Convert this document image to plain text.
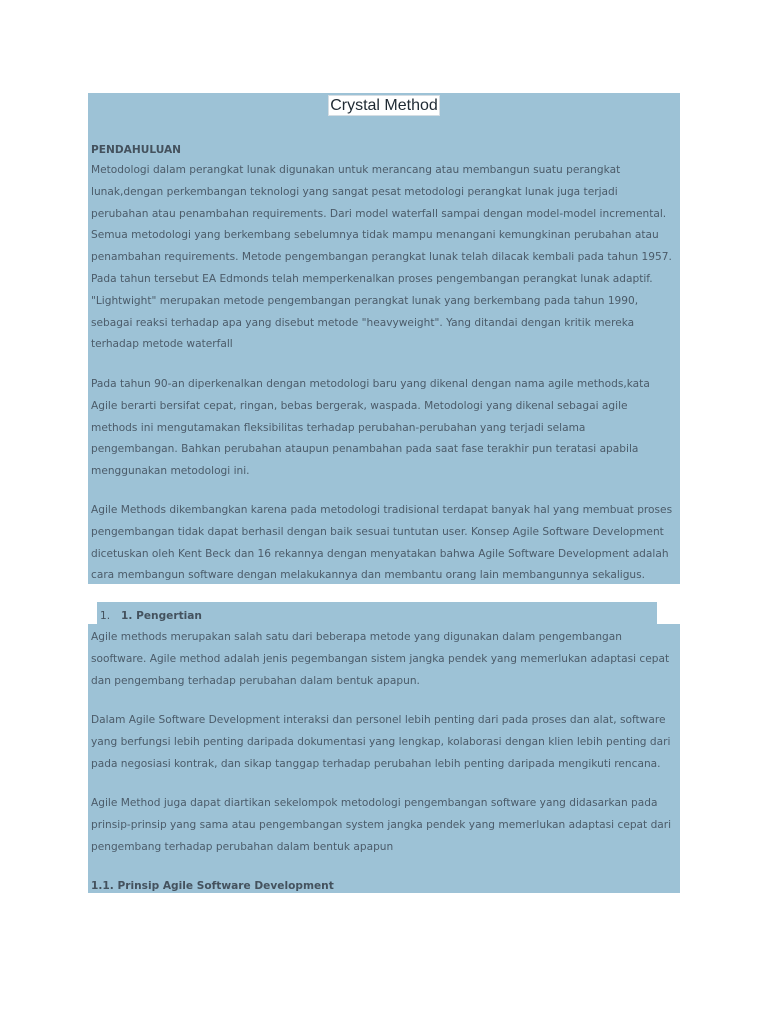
Crystal Method
PENDAHULUAN
Metodologi dalam perangkat lunak digunakan untuk merancang atau membangun suatu perangkat
lunak,dengan perkembangan teknologi yang sangat pesat metodologi perangkat lunak juga terjadi
perubahan atau penambahan requirements. Dari model waterfall sampai dengan model-model incremental.
Semua metodologi yang berkembang sebelumnya tidak mampu menangani kemungkinan perubahan atau
penambahan requirements. Metode pengembangan perangkat lunak telah dilacak kembali pada tahun 1957.
Pada tahun tersebut EA Edmonds telah memperkenalkan proses pengembangan perangkat lunak adaptif.
"Lightwight" merupakan metode pengembangan perangkat lunak yang berkembang pada tahun 1990,
sebagai reaksi terhadap apa yang disebut metode "heavyweight". Yang ditandai dengan kritik mereka
terhadap metode waterfall
Pada tahun 90-an diperkenalkan dengan metodologi baru yang dikenal dengan nama agile methods,kata
Agile berarti bersifat cepat, ringan, bebas bergerak, waspada. Metodologi yang dikenal sebagai agile
methods ini mengutamakan fleksibilitas terhadap perubahan-perubahan yang terjadi selama
pengembangan. Bahkan perubahan ataupun penambahan pada saat fase terakhir pun teratasi apabila
menggunakan metodologi ini.
Agile Methods dikembangkan karena pada metodologi tradisional terdapat banyak hal yang membuat proses
pengembangan tidak dapat berhasil dengan baik sesuai tuntutan user. Konsep Agile Software Development
dicetuskan oleh Kent Beck dan 16 rekannya dengan menyatakan bahwa Agile Software Development adalah
cara membangun software dengan melakukannya dan membantu orang lain membangunnya sekaligus.
1. 1. Pengertian
Agile methods merupakan salah satu dari beberapa metode yang digunakan dalam pengembangan
soοftware. Agile method adalah jenis pegembangan sistem jangka pendek yang memerlukan adaptasi cepat
dan pengembang terhadap perubahan dalam bentuk apapun.
Dalam Agile Software Development interaksi dan personel lebih penting dari pada proses dan alat, software
yang berfungsi lebih penting daripada dokumentasi yang lengkap, kolaborasi dengan klien lebih penting dari
pada negosiasi kontrak, dan sikap tanggap terhadap perubahan lebih penting daripada mengikuti rencana.
Agile Method juga dapat diartikan sekelompok metodologi pengembangan software yang didasarkan pada
prinsip-prinsip yang sama atau pengembangan system jangka pendek yang memerlukan adaptasi cepat dari
pengembang terhadap perubahan dalam bentuk apapun
1.1. Prinsip Agile Software Development
